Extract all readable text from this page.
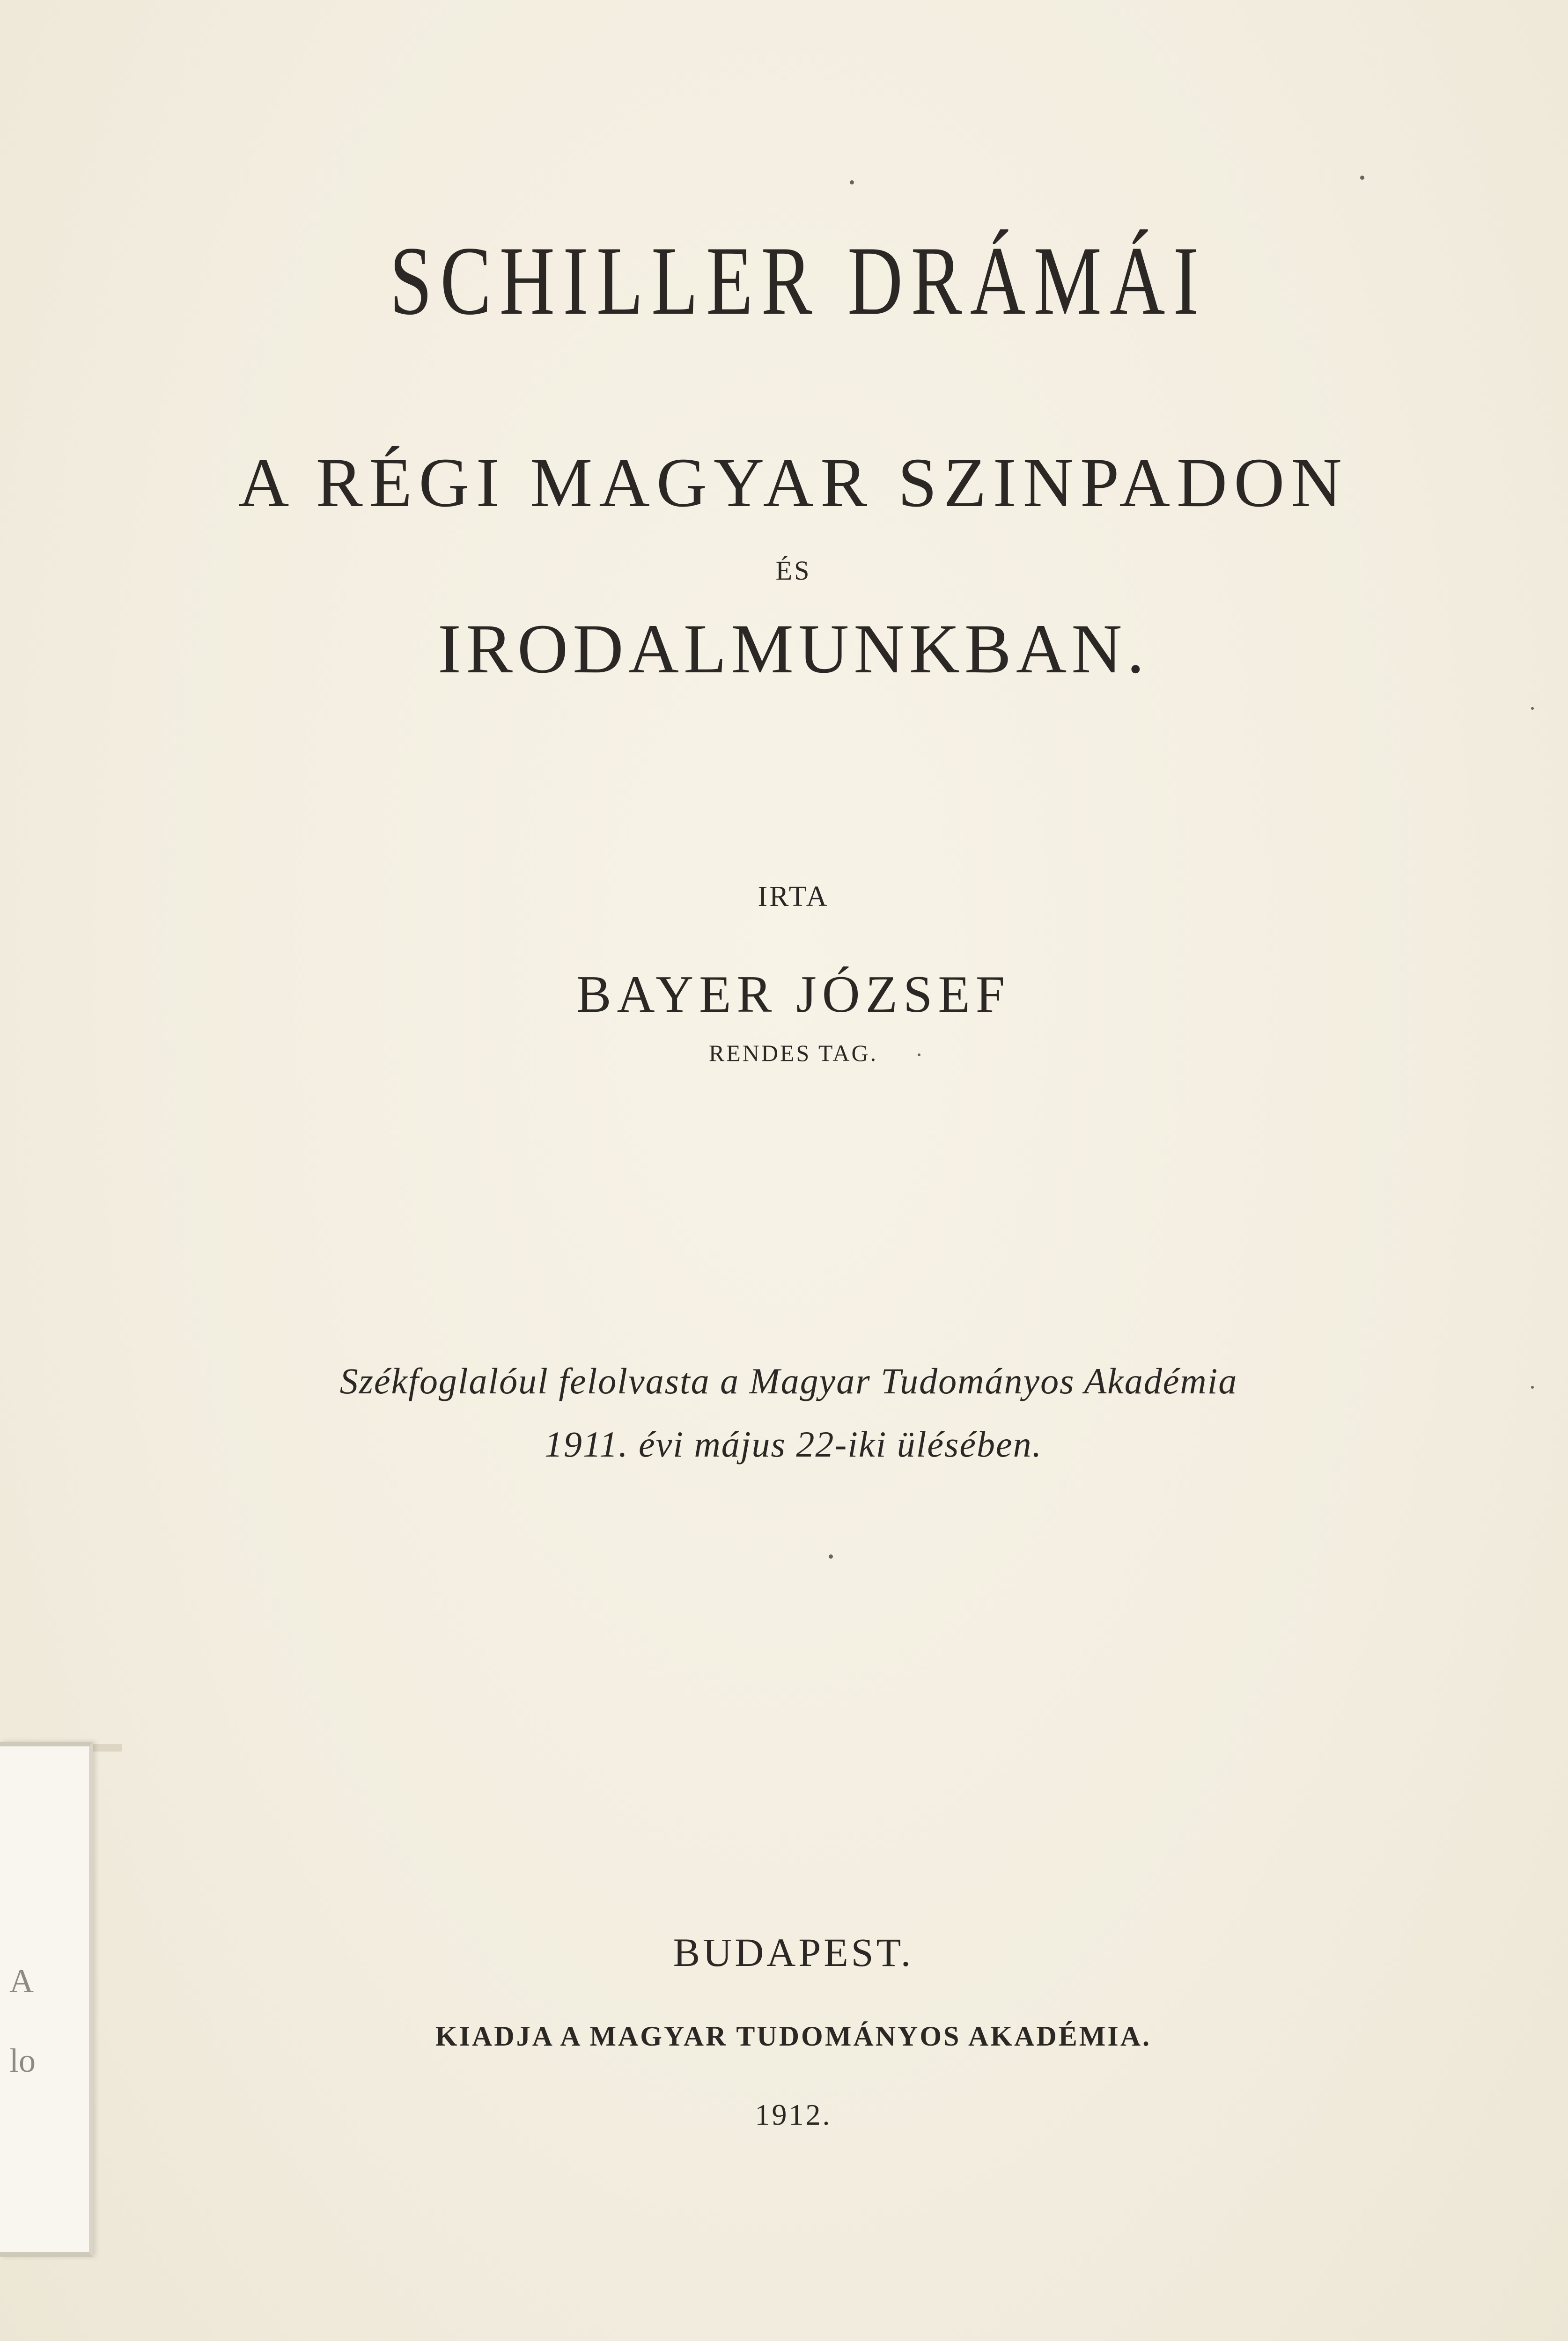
SCHILLER DRÁMÁI
A RÉGI MAGYAR SZINPADON
ÉS
IRODALMUNKBAN.
IRTA
BAYER JÓZSEF
RENDES TAG.
Székfoglalóul felolvasta a Magyar Tudományos Akadémia
1911. évi május 22-iki ülésében.
BUDAPEST.
KIADJA A MAGYAR TUDOMÁNYOS AKADÉMIA.
1912.
A
lo
